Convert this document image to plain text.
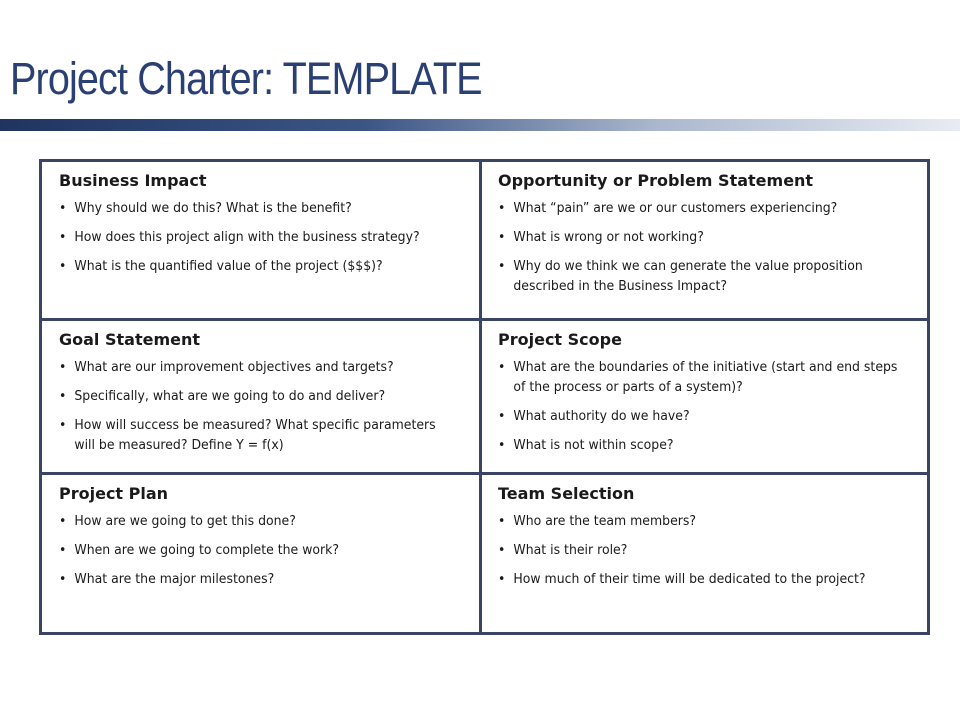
Project Charter: TEMPLATE
Business Impact
• Why should we do this? What is the benefit?
• How does this project align with the business strategy?
• What is the quantified value of the project ($$$)?
Opportunity or Problem Statement
• What “pain” are we or our customers experiencing?
• What is wrong or not working?
• Why do we think we can generate the value proposition described in the Business Impact?
Goal Statement
• What are our improvement objectives and targets?
• Specifically, what are we going to do and deliver?
• How will success be measured? What specific parameters will be measured? Define Y = f(x)
Project Scope
• What are the boundaries of the initiative (start and end steps of the process or parts of a system)?
• What authority do we have?
• What is not within scope?
Project Plan
• How are we going to get this done?
• When are we going to complete the work?
• What are the major milestones?
Team Selection
• Who are the team members?
• What is their role?
• How much of their time will be dedicated to the project?
